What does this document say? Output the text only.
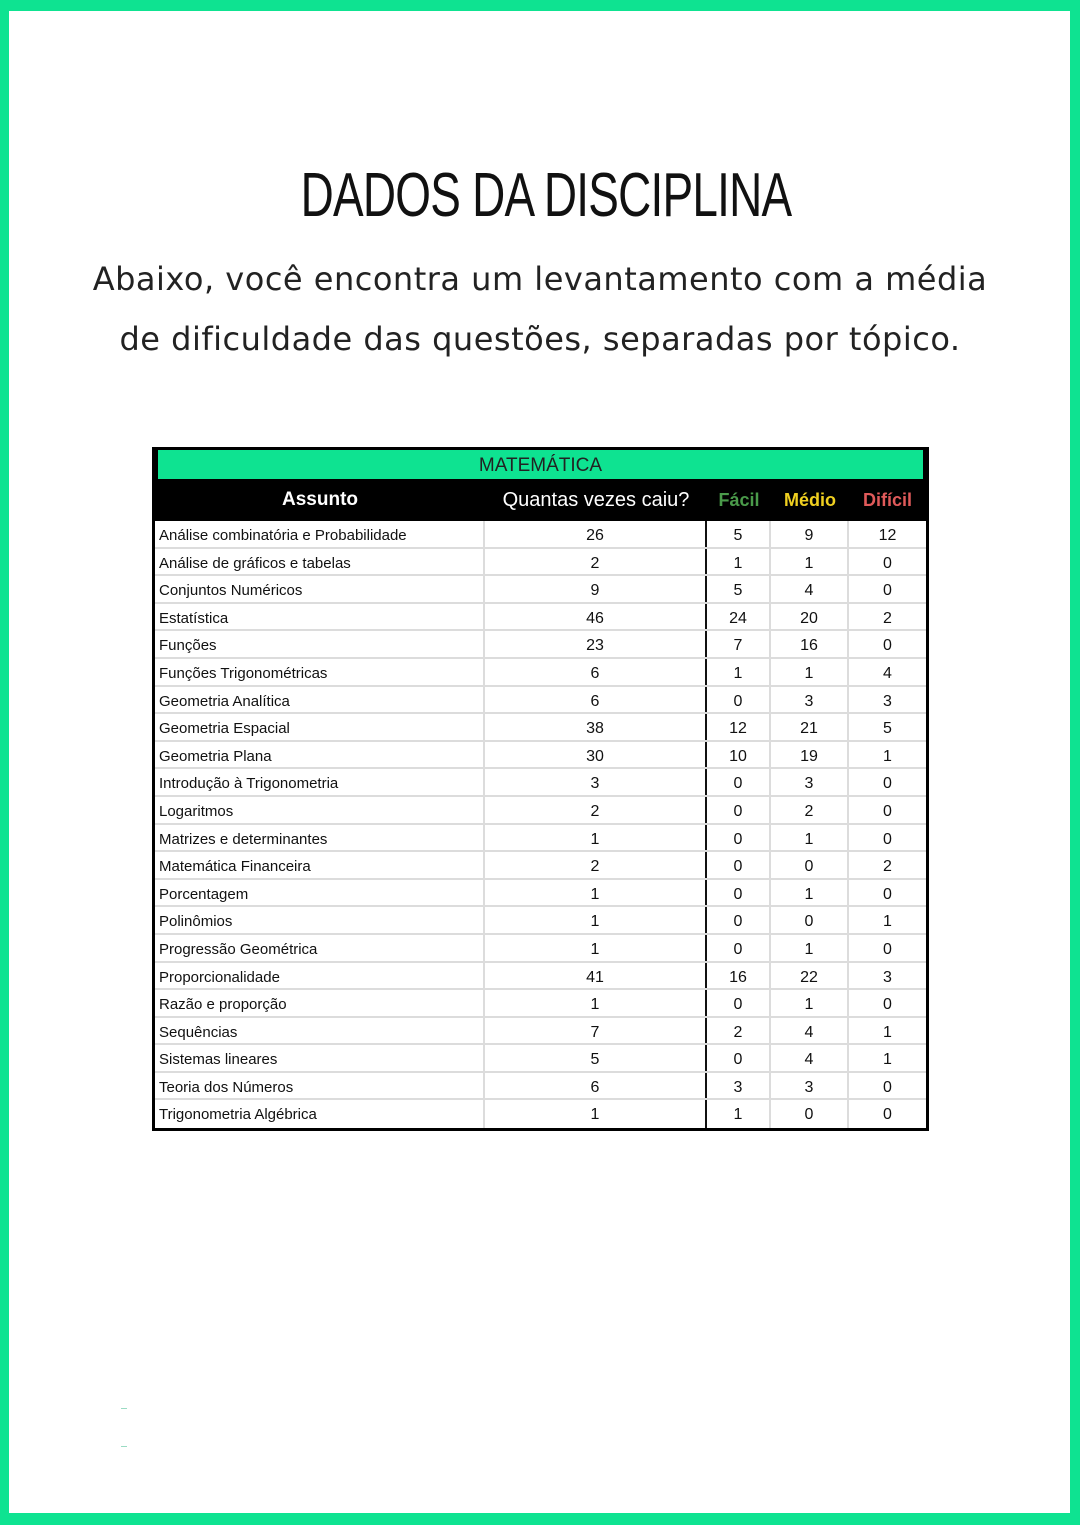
DADOS DA DISCIPLINA
Abaixo, você encontra um levantamento com a média
de dificuldade das questões, separadas por tópico.
MATEMÁTICA
Assunto	Quantas vezes caiu?	Fácil	Médio	Difícil
Análise combinatória e Probabilidade	26	5	9	12
Análise de gráficos e tabelas	2	1	1	0
Conjuntos Numéricos	9	5	4	0
Estatística	46	24	20	2
Funções	23	7	16	0
Funções Trigonométricas	6	1	1	4
Geometria Analítica	6	0	3	3
Geometria Espacial	38	12	21	5
Geometria Plana	30	10	19	1
Introdução à Trigonometria	3	0	3	0
Logaritmos	2	0	2	0
Matrizes e determinantes	1	0	1	0
Matemática Financeira	2	0	0	2
Porcentagem	1	0	1	0
Polinômios	1	0	0	1
Progressão Geométrica	1	0	1	0
Proporcionalidade	41	16	22	3
Razão e proporção	1	0	1	0
Sequências	7	2	4	1
Sistemas lineares	5	0	4	1
Teoria dos Números	6	3	3	0
Trigonometria Algébrica	1	1	0	0
